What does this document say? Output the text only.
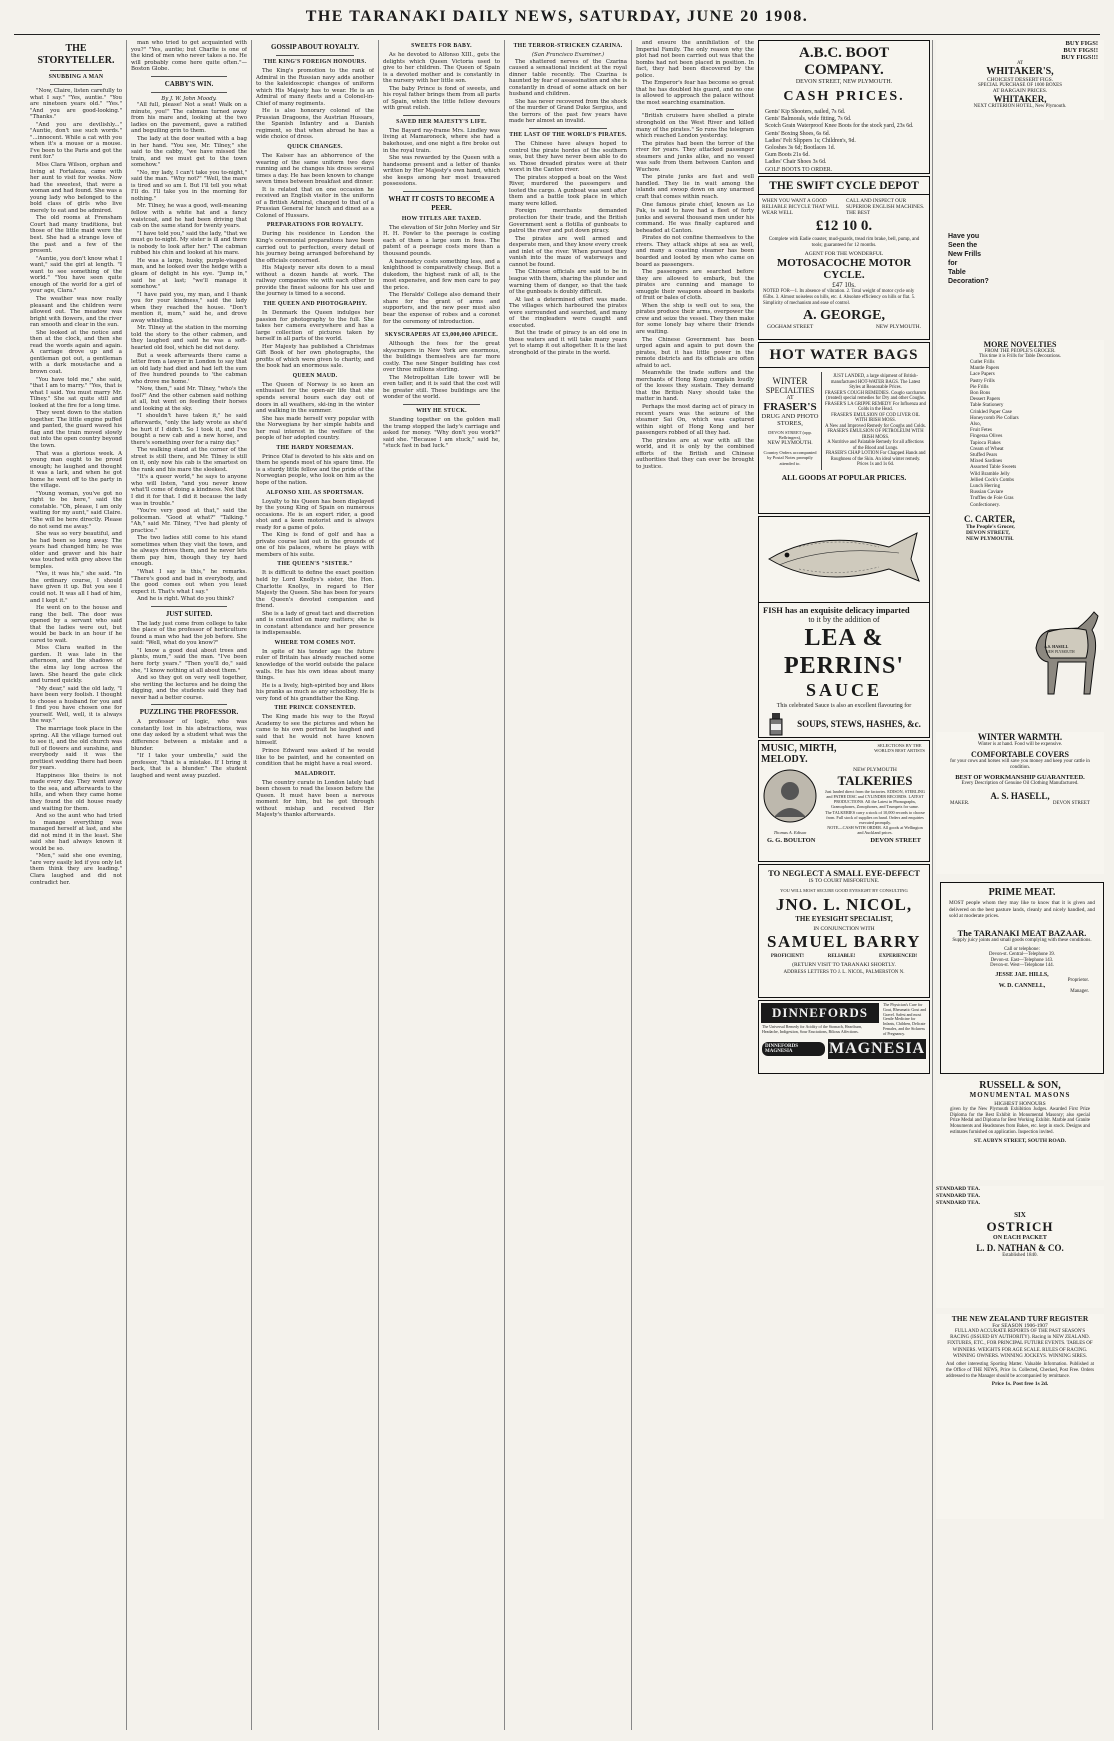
THE TARANAKI DAILY NEWS, SATURDAY, JUNE 20 1908.
THE STORYTELLER.
SNUBBING A MAN

"Now, Claire, listen carefully to what I say." "Yes, auntie." "You are nineteen years old." "Yes." "And you are good-looking." "Thanks."

"And you are devilishly..." "Auntie, don't use such words." "...innocent. While a cat with you when it's a mouse or a mouse. I've been to the Paris and got the rent for."

Miss Clara Wilson, orphan and living at Fortaleza, came with her aunt to visit for weeks. Now had the sweetest, that were a woman and had found. She was a young lady who belonged to the bold class of girls who live merely to eat and be admired.

The old rooms at Frensham Court had many traditions, but those of the little maid were the best. She had a strange love of the past and a few of the present.

"Auntie, you don't know what I want," said the girl at length. "I want to see something of the world." "You have seen quite enough of the world for a girl of your age, Clara."

The weather was now really pleasant and the children were allowed out. The meadow was bright with flowers, and the river ran smooth and clear in the sun.

She looked at the notice and then at the clock, and then she read the words again and again. A carriage drove up and a gentleman got out, a gentleman with a dark moustache and a brown coat.

"You have told me," she said, "that I am to marry." "Yes, that is what I said. You must marry Mr. Tilney." She sat quite still and looked at the fire for a long time.

They went down to the station together. The little engine puffed and panted, the guard waved his flag and the train moved slowly out into the open country beyond the town.

That was a glorious week. A young man ought to be proud enough; he laughed and thought it was a lark, and when he got home he went off to the party in the village.

"Young woman, you've got no right to be here," said the constable. "Oh, please, I am only waiting for my aunt," said Claire. "She will be here directly. Please do not send me away."

She was so very beautiful, and he had been so long away. The years had changed him; he was older and graver and his hair was touched with grey above the temples.

"Yes, it was his," she said. "In the ordinary course, I should have given it up. But you see I could not. It was all I had of him, and I kept it."

He went on to the house and rang the bell. The door was opened by a servant who said that the ladies were out, but would be back in an hour if he cared to wait.

Miss Clara waited in the garden. It was late in the afternoon, and the shadows of the elms lay long across the lawn. She heard the gate click and turned quickly.

"My dear," said the old lady, "I have been very foolish. I thought to choose a husband for you and I find you have chosen one for yourself. Well, well, it is always the way."

The marriage took place in the spring. All the village turned out to see it, and the old church was full of flowers and sunshine, and everybody said it was the prettiest wedding there had been for years.

Happiness like theirs is not made every day. They went away to the sea, and afterwards to the hills, and when they came home they found the old house ready and waiting for them.

And so the aunt who had tried to manage everything was managed herself at last, and she did not mind it in the least. She said she had always known it would be so.

"Men," said she one evening, "are very easily led if you only let them think they are leading." Clara laughed and did not contradict her.

man who tried to get acquainted with you?" "Yes, auntie; but Charlie is one of the kind of men who never takes a no. He will probably come here quite often."—Boston Globe.

CABBY'S WIN.
By J. W. John Moody.

"All full, please! Not a seat! Walk on a minute, you!" The cabman turned away from his mare and, looking at the two ladies on the pavement, gave a ratified and beguiling grin to them.

The lady at the door waited with a bag in her hand. "You see, Mr. Tilney," she said to the cabby, "we have missed the train, and we must get to the town somehow."

"No, my lady, I can't take you to-night," said the man. "Why not?" "Well, the mare is tired and so am I. But I'll tell you what I'll do. I'll take you in the morning for nothing."

Mr. Tilney, he was a good, well-meaning fellow with a white hat and a fancy waistcoat, and he had been driving that cab on the same stand for twenty years.

"I have told you," said the lady, "that we must go to-night. My sister is ill and there is nobody to look after her." The cabman rubbed his chin and looked at his mare.

He was a large, husky, purple-visaged man, and he looked over the hedge with a gleam of delight in his eye. "Jump in," said he at last; "we'll manage it somehow."

"I have paid you, my man, and I thank you for your kindness," said the lady when they reached the house. "Don't mention it, mum," said he, and drove away whistling.

Mr. Tilney at the station in the morning told the story to the other cabmen, and they laughed and said he was a soft-hearted old fool, which he did not deny.

But a week afterwards there came a letter from a lawyer in London to say that an old lady had died and had left the sum of five hundred pounds to 'the cabman who drove me home.'

"Now, then," said Mr. Tilney, "who's the fool?" And the other cabmen said nothing at all, but went on feeding their horses and looking at the sky.

"I shouldn't have taken it," he said afterwards, "only the lady wrote as she'd be hurt if I didn't. So I took it, and I've bought a new cab and a new horse, and there's something over for a rainy day."

The walking stand at the corner of the street is still there, and Mr. Tilney is still on it, only now his cab is the smartest on the rank and his mare the sleekest.

"It's a queer world," he says to anyone who will listen, "and you never know what'll come of doing a kindness. Not that I did it for that. I did it because the lady was in trouble."

"You're very good at that," said the policeman. "Good at what?" "Talking." "Ah," said Mr. Tilney, "I've had plenty of practice."

The two ladies still come to his stand sometimes when they visit the town, and he always drives them, and he never lets them pay him, though they try hard enough.

"What I say is this," he remarks. "There's good and bad in everybody, and the good comes out when you least expect it. That's what I say."

And he is right. What do you think?

JUST SUITED.

The lady just come from college to take the place of the professor of horticulture found a man who had the job before. She said: "Well, what do you know?"

"I know a good deal about trees and plants, mum," said the man. "I've been here forty years." "Then you'll do," said she, "I know nothing at all about them."

And so they got on very well together, she writing the lectures and he doing the digging, and the students said they had never had a better course.

PUZZLING THE PROFESSOR.

A professor of logic, who was constantly lost in his abstractions, was one day asked by a student what was the difference between a mistake and a blunder.

"If I take your umbrella," said the professor, "that is a mistake. If I bring it back, that is a blunder." The student laughed and went away puzzled.

GOSSIP ABOUT ROYALTY.
THE KING'S FOREIGN HONOURS.

The King's promotion to the rank of Admiral in the Russian navy adds another to the kaleidoscopic changes of uniform which His Majesty has to wear. He is an Admiral of many fleets and a Colonel-in-Chief of many regiments.

He is also honorary colonel of the Prussian Dragoons, the Austrian Hussars, the Spanish Infantry and a Danish regiment, so that when abroad he has a wide choice of dress.

QUICK CHANGES.

The Kaiser has an abhorrence of the wearing of the same uniform two days running and he changes his dress several times a day. He has been known to change seven times between breakfast and dinner.

It is related that on one occasion he received an English visitor in the uniform of a British Admiral, changed to that of a Prussian General for lunch and dined as a Colonel of Hussars.

PREPARATIONS FOR ROYALTY.

During his residence in London the King's ceremonial preparations have been carried out to perfection, every detail of his journey being arranged beforehand by the officials concerned.

His Majesty never sits down to a meal without a dozen hands at work. The railway companies vie with each other to provide the finest saloons for his use and the journey is timed to a second.

THE QUEEN AND PHOTOGRAPHY.

In Denmark the Queen indulges her passion for photography to the full. She takes her camera everywhere and has a large collection of pictures taken by herself in all parts of the world.

Her Majesty has published a Christmas Gift Book of her own photographs, the profits of which were given to charity, and the book had an enormous sale.

QUEEN MAUD.

The Queen of Norway is so keen an enthusiast for the open-air life that she spends several hours each day out of doors in all weathers, ski-ing in the winter and walking in the summer.

She has made herself very popular with the Norwegians by her simple habits and her real interest in the welfare of the people of her adopted country.

THE HARDY NORSEMAN.

Prince Olaf is devoted to his skis and on them he spends most of his spare time. He is a sturdy little fellow and the pride of the Norwegian people, who look on him as the hope of the nation.

ALFONSO XIII. AS SPORTSMAN.

Loyalty to his Queen has been displayed by the young King of Spain on numerous occasions. He is an expert rider, a good shot and a keen motorist and is always ready for a game of polo.

The King is fond of golf and has a private course laid out in the grounds of one of his palaces, where he plays with members of his suite.

THE QUEEN'S "SISTER."

It is difficult to define the exact position held by Lord Knollys's sister, the Hon. Charlotte Knollys, in regard to Her Majesty the Queen. She has been for years the Queen's devoted companion and friend.

She is a lady of great tact and discretion and is consulted on many matters; she is in constant attendance and her presence is indispensable.

WHERE TOM COMES NOT.

In spite of his tender age the future ruler of Britain has already reached some knowledge of the world outside the palace walls. He has his own ideas about many things.

He is a lively, high-spirited boy and likes his pranks as much as any schoolboy. He is very fond of his grandfather the King.

THE PRINCE CONSENTED.

The King made his way to the Royal Academy to see the pictures and when he came to his own portrait he laughed and said that he would not have known himself.

Prince Edward was asked if he would like to be painted, and he consented on condition that he might have a real sword.

MALADROIT.

The country curate in London lately had been chosen to read the lesson before the Queen. It must have been a nervous moment for him, but he got through without mishap and received Her Majesty's thanks afterwards.

SWEETS FOR BABY.

As he devoted to Alfonso XIII., gets the delights which Queen Victoria used to give to her children. The Queen of Spain is a devoted mother and is constantly in the nursery with her little son.

The baby Prince is fond of sweets, and his royal father brings them from all parts of Spain, which the little fellow devours with great relish.

SAVED HER MAJESTY'S LIFE.

The Bayard ray-frame Mrs. Lindley was living at Mamaroneck, where she had a bakehouse, and one night a fire broke out in the royal train.

She was rewarded by the Queen with a handsome present and a letter of thanks written by Her Majesty's own hand, which she keeps among her most treasured possessions.

WHAT IT COSTS TO BECOME A PEER.
HOW TITLES ARE TAXED.

The elevation of Sir John Morley and Sir H. H. Fowler to the peerage is costing each of them a large sum in fees. The patent of a peerage costs more than a thousand pounds.

A baronetcy costs something less, and a knighthood is comparatively cheap. But a dukedom, the highest rank of all, is the most expensive, and few men care to pay the price.

The Heralds' College also demand their share for the grant of arms and supporters, and the new peer must also bear the expense of robes and a coronet for the ceremony of introduction.

SKYSCRAPERS AT £3,000,000 APIECE.

Although the fees for the great skyscrapers in New York are enormous, the buildings themselves are far more costly. The new Singer building has cost over three millions sterling.

The Metropolitan Life tower will be even taller, and it is said that the cost will be greater still. These buildings are the wonder of the world.

WHY HE STUCK.

Standing together on the golden mall the tramp stopped the lady's carriage and asked for money. "Why don't you work?" said she. "Because I am stuck," said he, "stuck fast in bad luck."

THE TERROR-STRICKEN CZARINA.
(San Francisco Examiner.)

The shattered nerves of the Czarina caused a sensational incident at the royal dinner table recently. The Czarina is haunted by fear of assassination and she is constantly in dread of some attack on her husband and children.

She has never recovered from the shock of the murder of Grand Duke Sergius, and the terrors of the past few years have made her almost an invalid.

THE LAST OF THE WORLD'S PIRATES.

The Chinese have always hoped to control the pirate hordes of the southern seas, but they have never been able to do so. Those dreaded pirates were at their worst in the Canton river.

The pirates stopped a boat on the West River, murdered the passengers and looted the cargo. A gunboat was sent after them and a battle took place in which many were killed.

Foreign merchants demanded protection for their trade, and the British Government sent a flotilla of gunboats to patrol the river and put down piracy.

The pirates are well armed and desperate men, and they know every creek and inlet of the river. When pursued they vanish into the maze of waterways and cannot be found.

The Chinese officials are said to be in league with them, sharing the plunder and warning them of danger, so that the task of the gunboats is doubly difficult.

At last a determined effort was made. The villages which harboured the pirates were surrounded and searched, and many of the ringleaders were caught and executed.

But the trade of piracy is an old one in those waters and it will take many years yet to stamp it out altogether. It is the last stronghold of the pirate in the world.

and ensure the annihilation of the Imperial Family. The only reason why the plot had not been carried out was that the bombs had not been placed in position. In fact, they had been discovered by the police.

The Emperor's fear has become so great that he has doubled his guard, and no one is allowed to approach the palace without the most searching examination.

"British cruisers have shelled a pirate stronghold on the West River and killed many of the pirates." So runs the telegram which reached London yesterday.

The pirates had been the terror of the river for years. They attacked passenger steamers and junks alike, and no vessel was safe from them between Canton and Wuchow.

The pirate junks are fast and well handled. They lie in wait among the islands and swoop down on any unarmed craft that comes within reach.

One famous pirate chief, known as Lo Pak, is said to have had a fleet of forty junks and several thousand men under his command. He was finally captured and beheaded at Canton.

Pirates do not confine themselves to the rivers. They attack ships at sea as well, and many a coasting steamer has been boarded and looted by men who came on board as passengers.

The passengers are searched before they are allowed to embark, but the pirates are cunning and manage to smuggle their weapons aboard in baskets of fruit or bales of cloth.

When the ship is well out to sea, the pirates produce their arms, overpower the crew and seize the vessel. They then make for some lonely bay where their friends are waiting.

The Chinese Government has been urged again and again to put down the pirates, but it has little power in the remote districts and its officials are often afraid to act.

Meanwhile the trade suffers and the merchants of Hong Kong complain loudly of the losses they sustain. They demand that the British Navy should take the matter in hand.

Perhaps the most daring act of piracy in recent years was the seizure of the steamer Sai On, which was captured within sight of Hong Kong and her passengers robbed of all they had.

The pirates are at war with all the world, and it is only by the combined efforts of the British and Chinese authorities that they can ever be brought to justice.

A.B.C. BOOT COMPANY.
DEVON STREET, NEW PLYMOUTH.
CASH PRICES.
Gents' Kip Shooters, nailed, 7s 6d.
Gents' Balmorals, wide fitting, 7s 6d.
Scotch Grain Waterproof Knee Boots for the stock yard, 23s 6d.
Gents' Boxing Shoes, 6s 6d.
Ladies' Felt Slippers 1s; Children's, 9d.
Goloshes 3s 6d; Bootlaces 1d.
Gum Boots 21s 6d.
Ladies' Chair Shoes 3s 6d.
GOLF BOOTS TO ORDER.
THE SWIFT CYCLE DEPOT
WHEN YOU WANT A GOOD RELIABLE BICYCLE THAT WILL WEAR WELL
CALL AND INSPECT OUR SUPERIOR ENGLISH MACHINES. THE BEST
£12 10 0.
Complete with Eadie coaster, mud-guards, tread rim brake, bell, pump, and tools; guaranteed for 12 months.
AGENT FOR THE WONDERFUL
MOTOSACOCHE MOTOR CYCLE.
£47 10s.
NOTED FOR—1. Its absence of vibration. 2. Total weight of motor cycle only 65lbs. 3. Almost noiseless on hills, etc. 4. Absolute efficiency on hills or flat. 5. Simplicity of mechanism and ease of control.
A. GEORGE,
GOGHAM STREET	NEW PLYMOUTH.
HOT WATER BAGS
WINTER
SPECIALTIES
AT
FRASER'S
DRUG AND PHOTO
STORES,
DEVON STREET (opp. Bellringers),
NEW PLYMOUTH.
Country Orders accompanied by Postal Notes promptly attended to.
JUST LANDED, a large shipment of British-manufactured HOT-WATER BAGS. The Latest Styles at Reasonable Prices.
FRASER'S COUGH REMEDIES. Couglo saccharum (treated) special remedies for Dry and other Coughs.
FRASER'S LA GRIPPE REMEDY For Influenza and Colds in the Head.
FRASER'S EMULSION OF COD LIVER OIL WITH IRISH MOSS.
A New and Improved Remedy for Coughs and Colds.
FRASER'S EMULSION OF PETROLEUM WITH IRISH MOSS.
A Nutritive and Palatable Remedy for all affections of the Blood and Lungs.
FRASER'S CHAP LOTION For Chapped Hands and Roughness of the Skin. An ideal winter remedy. Prices 1s and 1s 6d.
ALL GOODS AT POPULAR PRICES.
FISH has an exquisite delicacy imparted
to it by the addition of
LEA & PERRINS'
SAUCE
This celebrated Sauce is also an excellent flavouring for
SOUPS, STEWS, HASHES, &c.
MUSIC, MIRTH, MELODY.
SELECTIONS BY THE WORLD'S BEST ARTISTS
Thomas A. Edison
NEW PLYMOUTH
TALKERIES
Just landed direct from the factories. EDISON, STERLING and PATHE DISC and CYLINDER RECORDS. LATEST PRODUCTIONS. All the Latest in Phonographs, Gramophones, Zonophones, and Trumpets for same.
The TALKERIES carry a stock of 10,000 records to choose from. Full stock of supplies on hand. Orders and enquiries executed promptly.
NOTE—CASH WITH ORDER. All goods at Wellington and Auckland prices.
G. G. BOULTON	DEVON STREET
TO NEGLECT A SMALL EYE-DEFECT
IS TO COURT MISFORTUNE.
YOU WILL MOST SECURE GOOD EYESIGHT BY CONSULTING
JNO. L. NICOL,
THE EYESIGHT SPECIALIST,
IN CONJUNCTION WITH
SAMUEL BARRY
PROFICIENT!	RELIABLE!	EXPERIENCED!
(RETURN VISIT TO TARANAKI SHORTLY.
ADDRESS LETTERS TO J. L. NICOL, PALMERSTON N.
DINNEFORDS
The Universal Remedy for Acidity of the Stomach, Heartburn, Headache, Indigestion, Sour Eructations, Bilious Affections.
The Physician's Cure for Gout, Rheumatic Gout and Gravel. Safest and most Gentle Medicine for Infants, Children, Delicate Females, and the Sickness of Pregnancy.
DINNEFORDS MAGNESIA	MAGNESIA
BUY FIGS!
BUY FIGS!!
BUY FIGS!!!
AT
WHITAKER'S,
CHOICEST DESSERT FIGS.
SPECIAL PURCHASE OF 1000 BOXES
AT BARGAIN PRICES.
WHITAKER,
NEXT CRITERION HOTEL, New Plymouth.
Have you
Seen the
New Frills
for
Table
Decoration?
MORE NOVELTIES
FROM THE PEOPLE'S GROCER.
This time it is Frills for Table Decorations.
Cutlet Frills
Mantle Papers
Lace Papers
Pastry Frills
Pie Frills
Bon Bons
Dessert Papers
Table Stationery
Crinkled Paper Case
Honeycomb Pie Collars
Also,
Fruit Fetes
Fingeraa Olives
Tapioca Flakes
Cream of Wheat
Stuffed Pears
Mixed Sardines
Assorted Table Sweets
Wild Bramble Jelly
Jellied Cock's Combs
Lunch Herring
Russian Caviare
Truffles de Foie Gras
Confectionery.
C. CARTER,
The People's Grocer,
DEVON STREET,
NEW PLYMOUTH.
A.S. HASELL
NEW PLYMOUTH
WINTER WARMTH.
Winter is at hand. Food will be expensive.
COMFORTABLE COVERS
for your cows and horses will save you money and keep your cattle in condition.
BEST OF WORKMANSHIP GUARANTEED.
Every Description of Genuine Oil Clothing Manufactured.
A. S. HASELL,
MAKER.	DEVON STREET
PRIME MEAT.
MOST people whom they may like to know that it is given and delivered on the best pasture lands, cleanly and nicely handled, and sold at moderate prices.
The TARANAKI MEAT BAZAAR.
Supply juicy joints and small goods complying with these conditions.
Call or telephone:
Devon-st. Central—Telephone 39.
Devon-st. East—Telephone 143.
Devon-st. West—Telephone 144.
JESSE JAE. HILLS,
Proprietor.
W. D. CANNELL,
Manager.
RUSSELL & SON,
MONUMENTAL MASONS
HIGHEST HONOURS
given by the New Plymouth Exhibition Judges. Awarded First Prize Diploma for the Best Exhibit in Monumental Masonry; also special Prize Medal and Diploma for Best Working Exhibit. Marble and Granite Monuments and Headstones from Bakes, etc. kept in stock. Designs and estimates furnished on application. Inspection invited.
ST. AUBYN STREET, SOUTH ROAD.
STANDARD TEA.
STANDARD TEA.
STANDARD TEA.
SIX
OSTRICH
ON EACH PACKET
L. D. NATHAN & CO.
Established 1840.
THE NEW ZEALAND TURF REGISTER
For SEASON 1906-1907
FULL AND ACCURATE REPORTS OF THE PAST SEASON'S RACING (ISSUED BY AUTHORITY). Racing in NEW ZEALAND. FIXTURES, ETC., FOR PRINCIPAL FUTURE EVENTS. TABLES OF WINNERS. WEIGHTS FOR AGE SCALE. RULES OF RACING. WINNING OWNERS. WINNING JOCKEYS. WINNING SIRES.
And other interesting Sporting Matter. Valuable Information. Published at the Office of THE NEWS, Price 1s. Collected, Checked, Post Free. Orders addressed to the Manager should be accompanied by remittance.
Price 1s. Post free 1s 2d.
